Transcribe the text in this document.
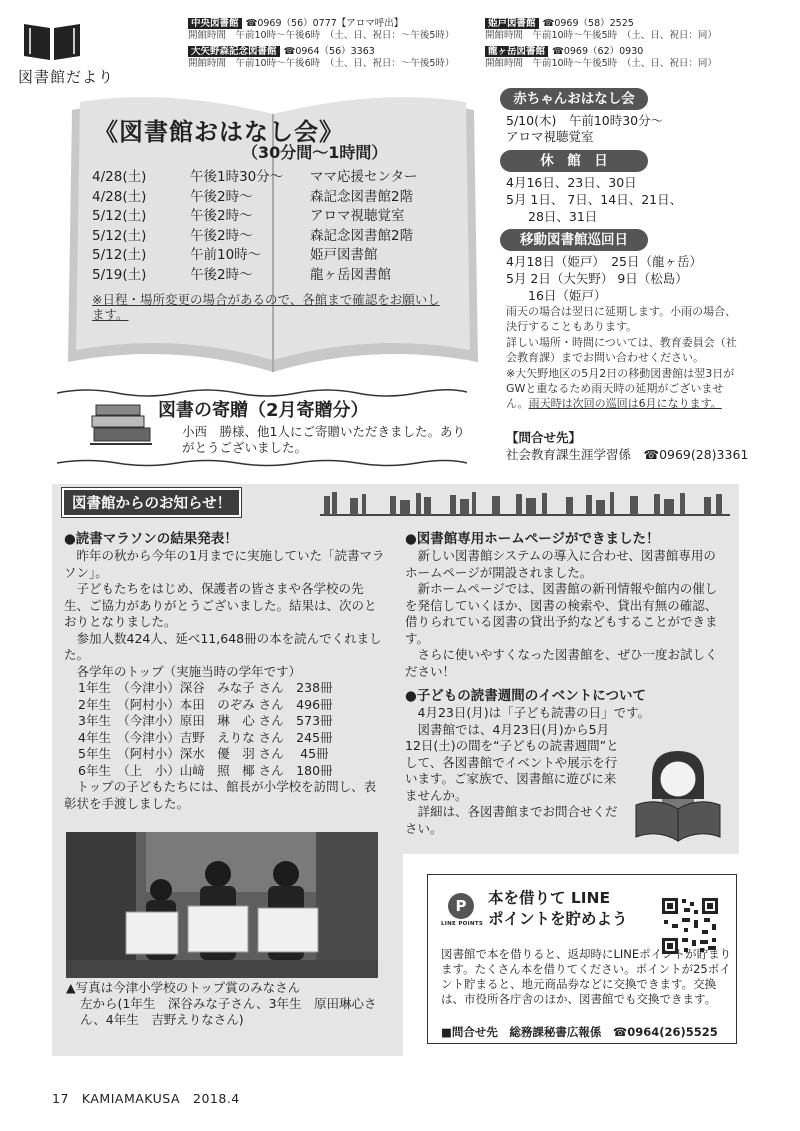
図書館だより
中央図書館 ☎0969（56）0777【アロマ呼出】
開館時間　午前10時〜午後6時　（土、日、祝日：〜午後5時）
大矢野森記念図書館 ☎0964（56）3363
開館時間　午前10時〜午後6時　（土、日、祝日：〜午後5時）
姫戸図書館 ☎0969（58）2525
開館時間　午前10時〜午後5時　（土、日、祝日：同）
龍ヶ岳図書館 ☎0969（62）0930
開館時間　午前10時〜午後5時　（土、日、祝日：同）
《図書館おはなし会》
（30分間〜1時間）
4/28(土)	午後1時30分〜	ママ応援センター
4/28(土)	午後2時〜	森記念図書館2階
5/12(土)	午後2時〜	アロマ視聴覚室
5/12(土)	午後2時〜	森記念図書館2階
5/12(土)	午前10時〜	姫戸図書館
5/19(土)	午後2時〜	龍ヶ岳図書館
※日程・場所変更の場合があるので、各館まで確認をお願いします。
赤ちゃんおはなし会
5/10(木)　午前10時30分〜
アロマ視聴覚室
休　館　日
4月16日、23日、30日
5月 1日、 7日、14日、21日、
28日、31日
移動図書館巡回日
4月18日（姫戸）　25日（龍ヶ岳）
5月 2日（大矢野） 9日（松島）
16日（姫戸）
雨天の場合は翌日に延期します。小雨の場合、決行することもあります。
詳しい場所・時間については、教育委員会（社会教育課）までお問い合わせください。
※大矢野地区の5月2日の移動図書館は翌3日がGWと重なるため雨天時の延期がございません。雨天時は次回の巡回は6月になります。
【問合せ先】
社会教育課生涯学習係　☎0969(28)3361
図書の寄贈（2月寄贈分）
小西　勝様、他1人にご寄贈いただきました。ありがとうございました。
図書館からのお知らせ！
●読書マラソンの結果発表！

昨年の秋から今年の1月までに実施していた「読書マラソン」。

子どもたちをはじめ、保護者の皆さまや各学校の先生、ご協力がありがとうございました。結果は、次のとおりとなりました。

参加人数424人、延べ11,648冊の本を読んでくれました。

各学年のトップ（実施当時の学年です）

1年生　（今津小）深谷　みな子 さん　238冊
2年生　（阿村小）本田　のぞみ さん　496冊
3年生　（今津小）原田　琳　心 さん　573冊
4年生　（今津小）吉野　えりな さん　245冊
5年生　（阿村小）深水　優　羽 さん　 45冊
6年生　（上　小）山﨑　照　椰 さん　180冊

トップの子どもたちには、館長が小学校を訪問し、表彰状を手渡しました。

▲写真は今津小学校のトップ賞のみなさん
左から(1年生　深谷みな子さん、3年生　原田琳心さん、4年生　吉野えりなさん)
●図書館専用ホームページができました！

新しい図書館システムの導入に合わせ、図書館専用のホームページが開設されました。

新ホームページでは、図書館の新刊情報や館内の催しを発信していくほか、図書の検索や、貸出有無の確認、借りられている図書の貸出予約などもすることができます。

さらに使いやすくなった図書館を、ぜひ一度お試しください！

●子どもの読書週間のイベントについて

4月23日(月)は「子ども読書の日」です。

図書館では、4月23日(月)から5月12日(土)の間を“子どもの読書週間”として、各図書館でイベントや展示を行います。ご家族で、図書館に遊びに来ませんか。

詳細は、各図書館までお問合せください。

P
LINE POINTS
本を借りて LINE
ポイントを貯めよう
図書館で本を借りると、返却時にLINEポイントが貯まります。たくさん本を借りてください。ポイントが25ポイント貯まると、地元商品券などに交換できます。交換は、市役所各庁舎のほか、図書館でも交換できます。
■問合せ先　総務課秘書広報係　☎0964(26)5525
17　KAMIAMAKUSA　2018.4
